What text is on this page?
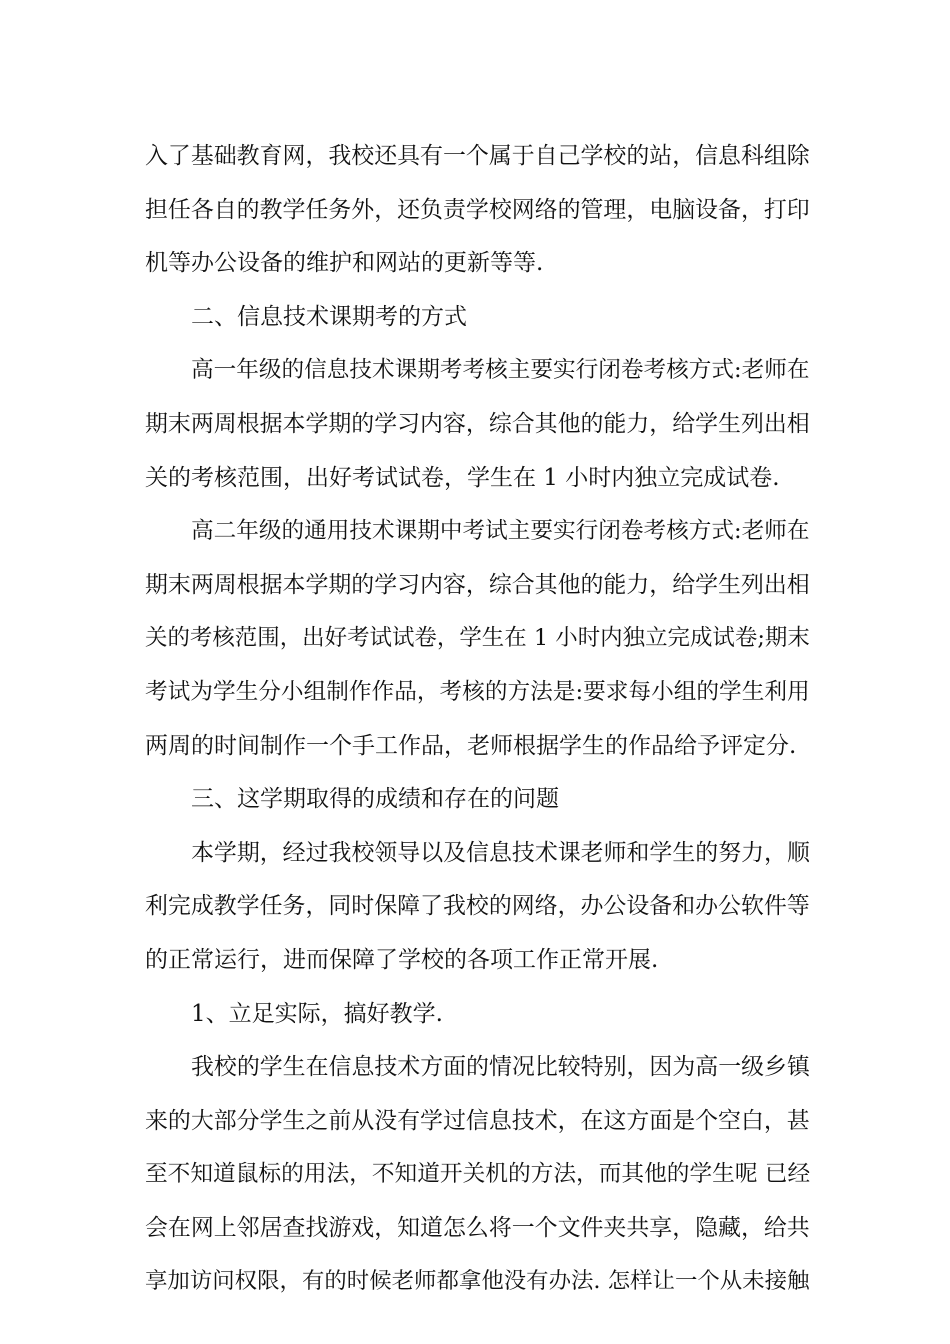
入了基础教育网，我校还具有一个属于自己学校的站，信息科组除
担任各自的教学任务外，还负责学校网络的管理，电脑设备，打印
机等办公设备的维护和网站的更新等等.
二、信息技术课期考的方式
高一年级的信息技术课期考考核主要实行闭卷考核方式:老师在
期末两周根据本学期的学习内容，综合其他的能力，给学生列出相
关的考核范围，出好考试试卷，学生在 1 小时内独立完成试卷.
高二年级的通用技术课期中考试主要实行闭卷考核方式:老师在
期末两周根据本学期的学习内容，综合其他的能力，给学生列出相
关的考核范围，出好考试试卷，学生在 1 小时内独立完成试卷;期末
考试为学生分小组制作作品，考核的方法是:要求每小组的学生利用
两周的时间制作一个手工作品，老师根据学生的作品给予评定分.
三、这学期取得的成绩和存在的问题
本学期，经过我校领导以及信息技术课老师和学生的努力，顺
利完成教学任务，同时保障了我校的网络，办公设备和办公软件等
的正常运行，进而保障了学校的各项工作正常开展.
1、立足实际，搞好教学.
我校的学生在信息技术方面的情况比较特别，因为高一级乡镇
来的大部分学生之前从没有学过信息技术，在这方面是个空白，甚
至不知道鼠标的用法，不知道开关机的方法，而其他的学生呢 已经
会在网上邻居查找游戏，知道怎么将一个文件夹共享，隐藏，给共
享加访问权限，有的时候老师都拿他没有办法. 怎样让一个从未接触
